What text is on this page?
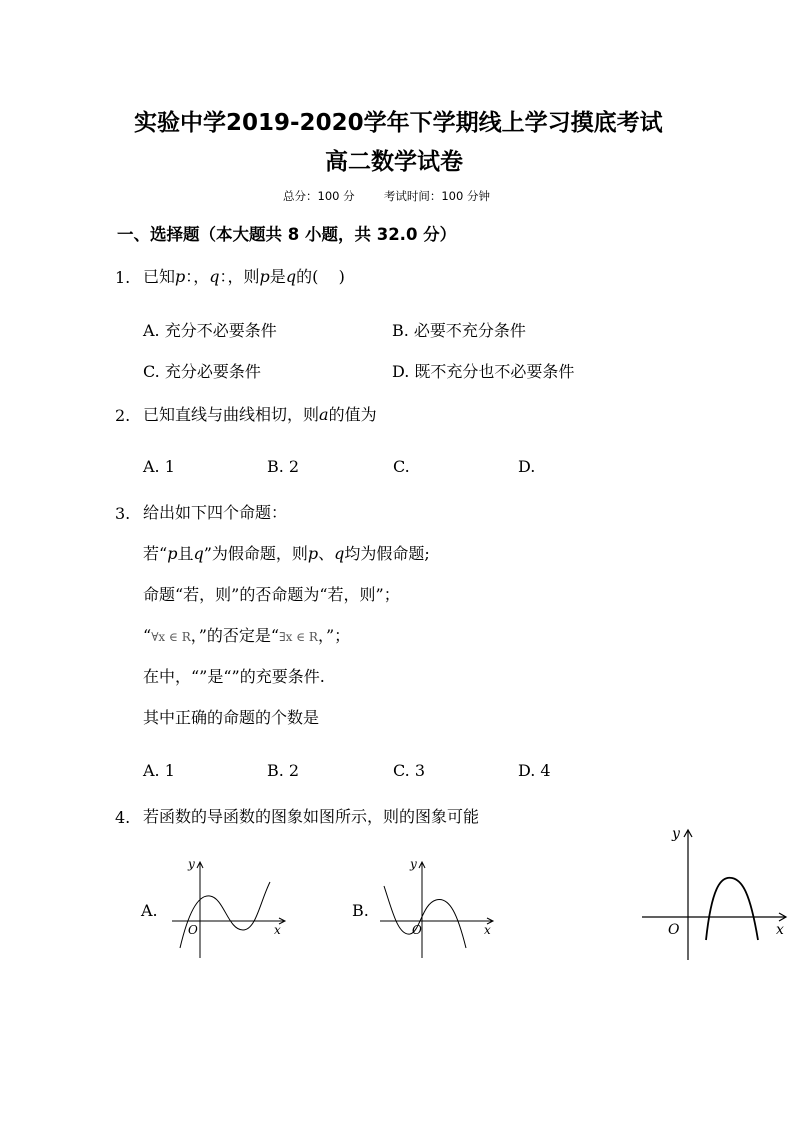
实验中学2019-2020学年下学期线上学习摸底考试
高二数学试卷
总分：100 分        考试时间：100 分钟
一、选择题（本大题共 8 小题，共 32.0 分）
1. 已知p：，q：，则p是q的(    )
A. 充分不必要条件	B. 必要不充分条件
C. 充分必要条件	D. 既不充分也不必要条件
2. 已知直线与曲线相切，则a的值为
A. 1	B. 2	C.	D.
3. 给出如下四个命题：
若“p且q”为假命题，则p、q均为假命题;
命题“若，则”的否命题为“若，则”；
“∀x ∈ R，”的否定是“∃x ∈ R，”；
在中，“”是“”的充要条件.
其中正确的命题的个数是
A. 1	B. 2	C. 3	D. 4
4. 若函数的导函数的图象如图所示，则的图象可能
A.	B.
O	x
y
O	x
y
O	x
y
